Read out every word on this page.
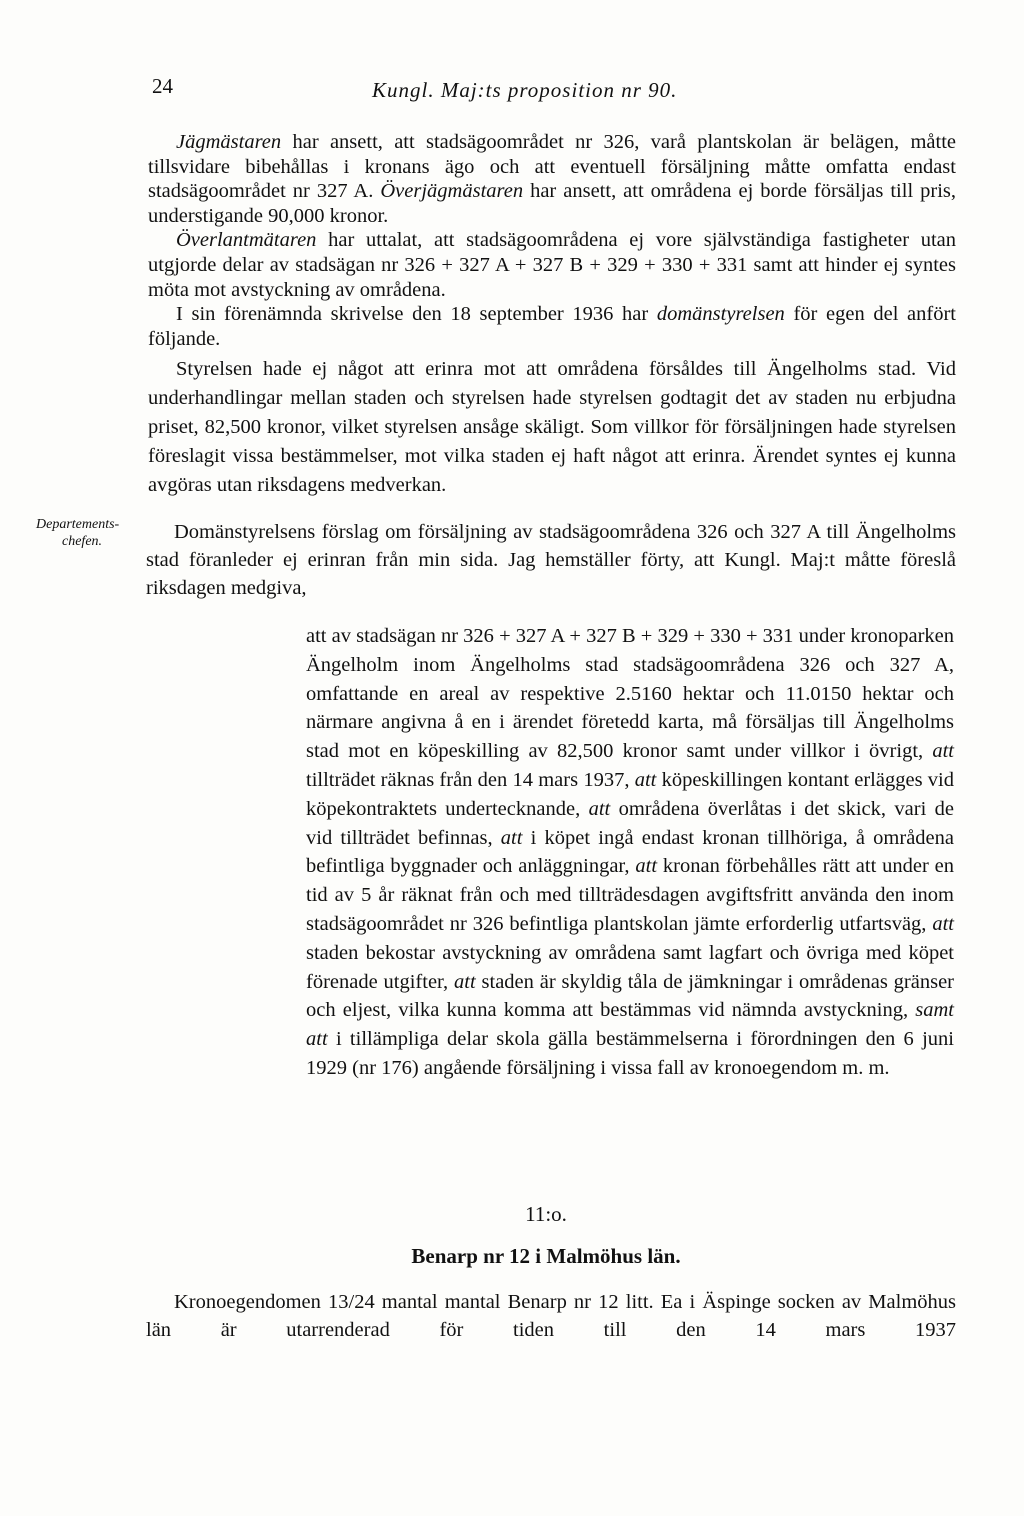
24	Kungl. Maj:ts proposition nr 90.

Jägmästaren har ansett, att stadsägoområdet nr 326, varå plantskolan är belägen, måtte tillsvidare bibehållas i kronans ägo och att eventuell försäljning måtte omfatta endast stadsägoområdet nr 327 A. Överjägmästaren har ansett, att områdena ej borde försäljas till pris, understigande 90,000 kronor.

Överlantmätaren har uttalat, att stadsägoområdena ej vore självständiga fastigheter utan utgjorde delar av stadsägan nr 326 + 327 A + 327 B + 329 + 330 + 331 samt att hinder ej syntes möta mot avstyckning av områdena.

I sin förenämnda skrivelse den 18 september 1936 har domänstyrelsen för egen del anfört följande.

Styrelsen hade ej något att erinra mot att områdena försåldes till Ängelholms stad. Vid underhandlingar mellan staden och styrelsen hade styrelsen godtagit det av staden nu erbjudna priset, 82,500 kronor, vilket styrelsen ansåge skäligt. Som villkor för försäljningen hade styrelsen föreslagit vissa bestämmelser, mot vilka staden ej haft något att erinra. Ärendet syntes ej kunna avgöras utan riksdagens medverkan.

Departements-
chefen.	Domänstyrelsens förslag om försäljning av stadsägoområdena 326 och 327 A till Ängelholms stad föranleder ej erinran från min sida. Jag hemställer förty, att Kungl. Maj:t måtte föreslå riksdagen medgiva,

att av stadsägan nr 326 + 327 A + 327 B + 329 + 330 + 331 under kronoparken Ängelholm inom Ängelholms stad stadsägoområdena 326 och 327 A, omfattande en areal av respektive 2.5160 hektar och 11.0150 hektar och närmare angivna å en i ärendet företedd karta, må försäljas till Ängelholms stad mot en köpeskilling av 82,500 kronor samt under villkor i övrigt, att tillträdet räknas från den 14 mars 1937, att köpeskillingen kontant erlägges vid köpekontraktets undertecknande, att områdena överlåtas i det skick, vari de vid tillträdet befinnas, att i köpet ingå endast kronan tillhöriga, å områdena befintliga byggnader och anläggningar, att kronan förbehålles rätt att under en tid av 5 år räknat från och med tillträdesdagen avgiftsfritt använda den inom stadsägoområdet nr 326 befintliga plantskolan jämte erforderlig utfartsväg, att staden bekostar avstyckning av områdena samt lagfart och övriga med köpet förenade utgifter, att staden är skyldig tåla de jämkningar i områdenas gränser och eljest, vilka kunna komma att bestämmas vid nämnda avstyckning, samt att i tillämpliga delar skola gälla bestämmelserna i förordningen den 6 juni 1929 (nr 176) angående försäljning i vissa fall av kronoegendom m. m.

11:o.
Benarp nr 12 i Malmöhus län.

Kronoegendomen 13/24 mantal mantal Benarp nr 12 litt. Ea i Äspinge socken av Malmöhus län är utarrenderad för tiden till den 14 mars 1937
